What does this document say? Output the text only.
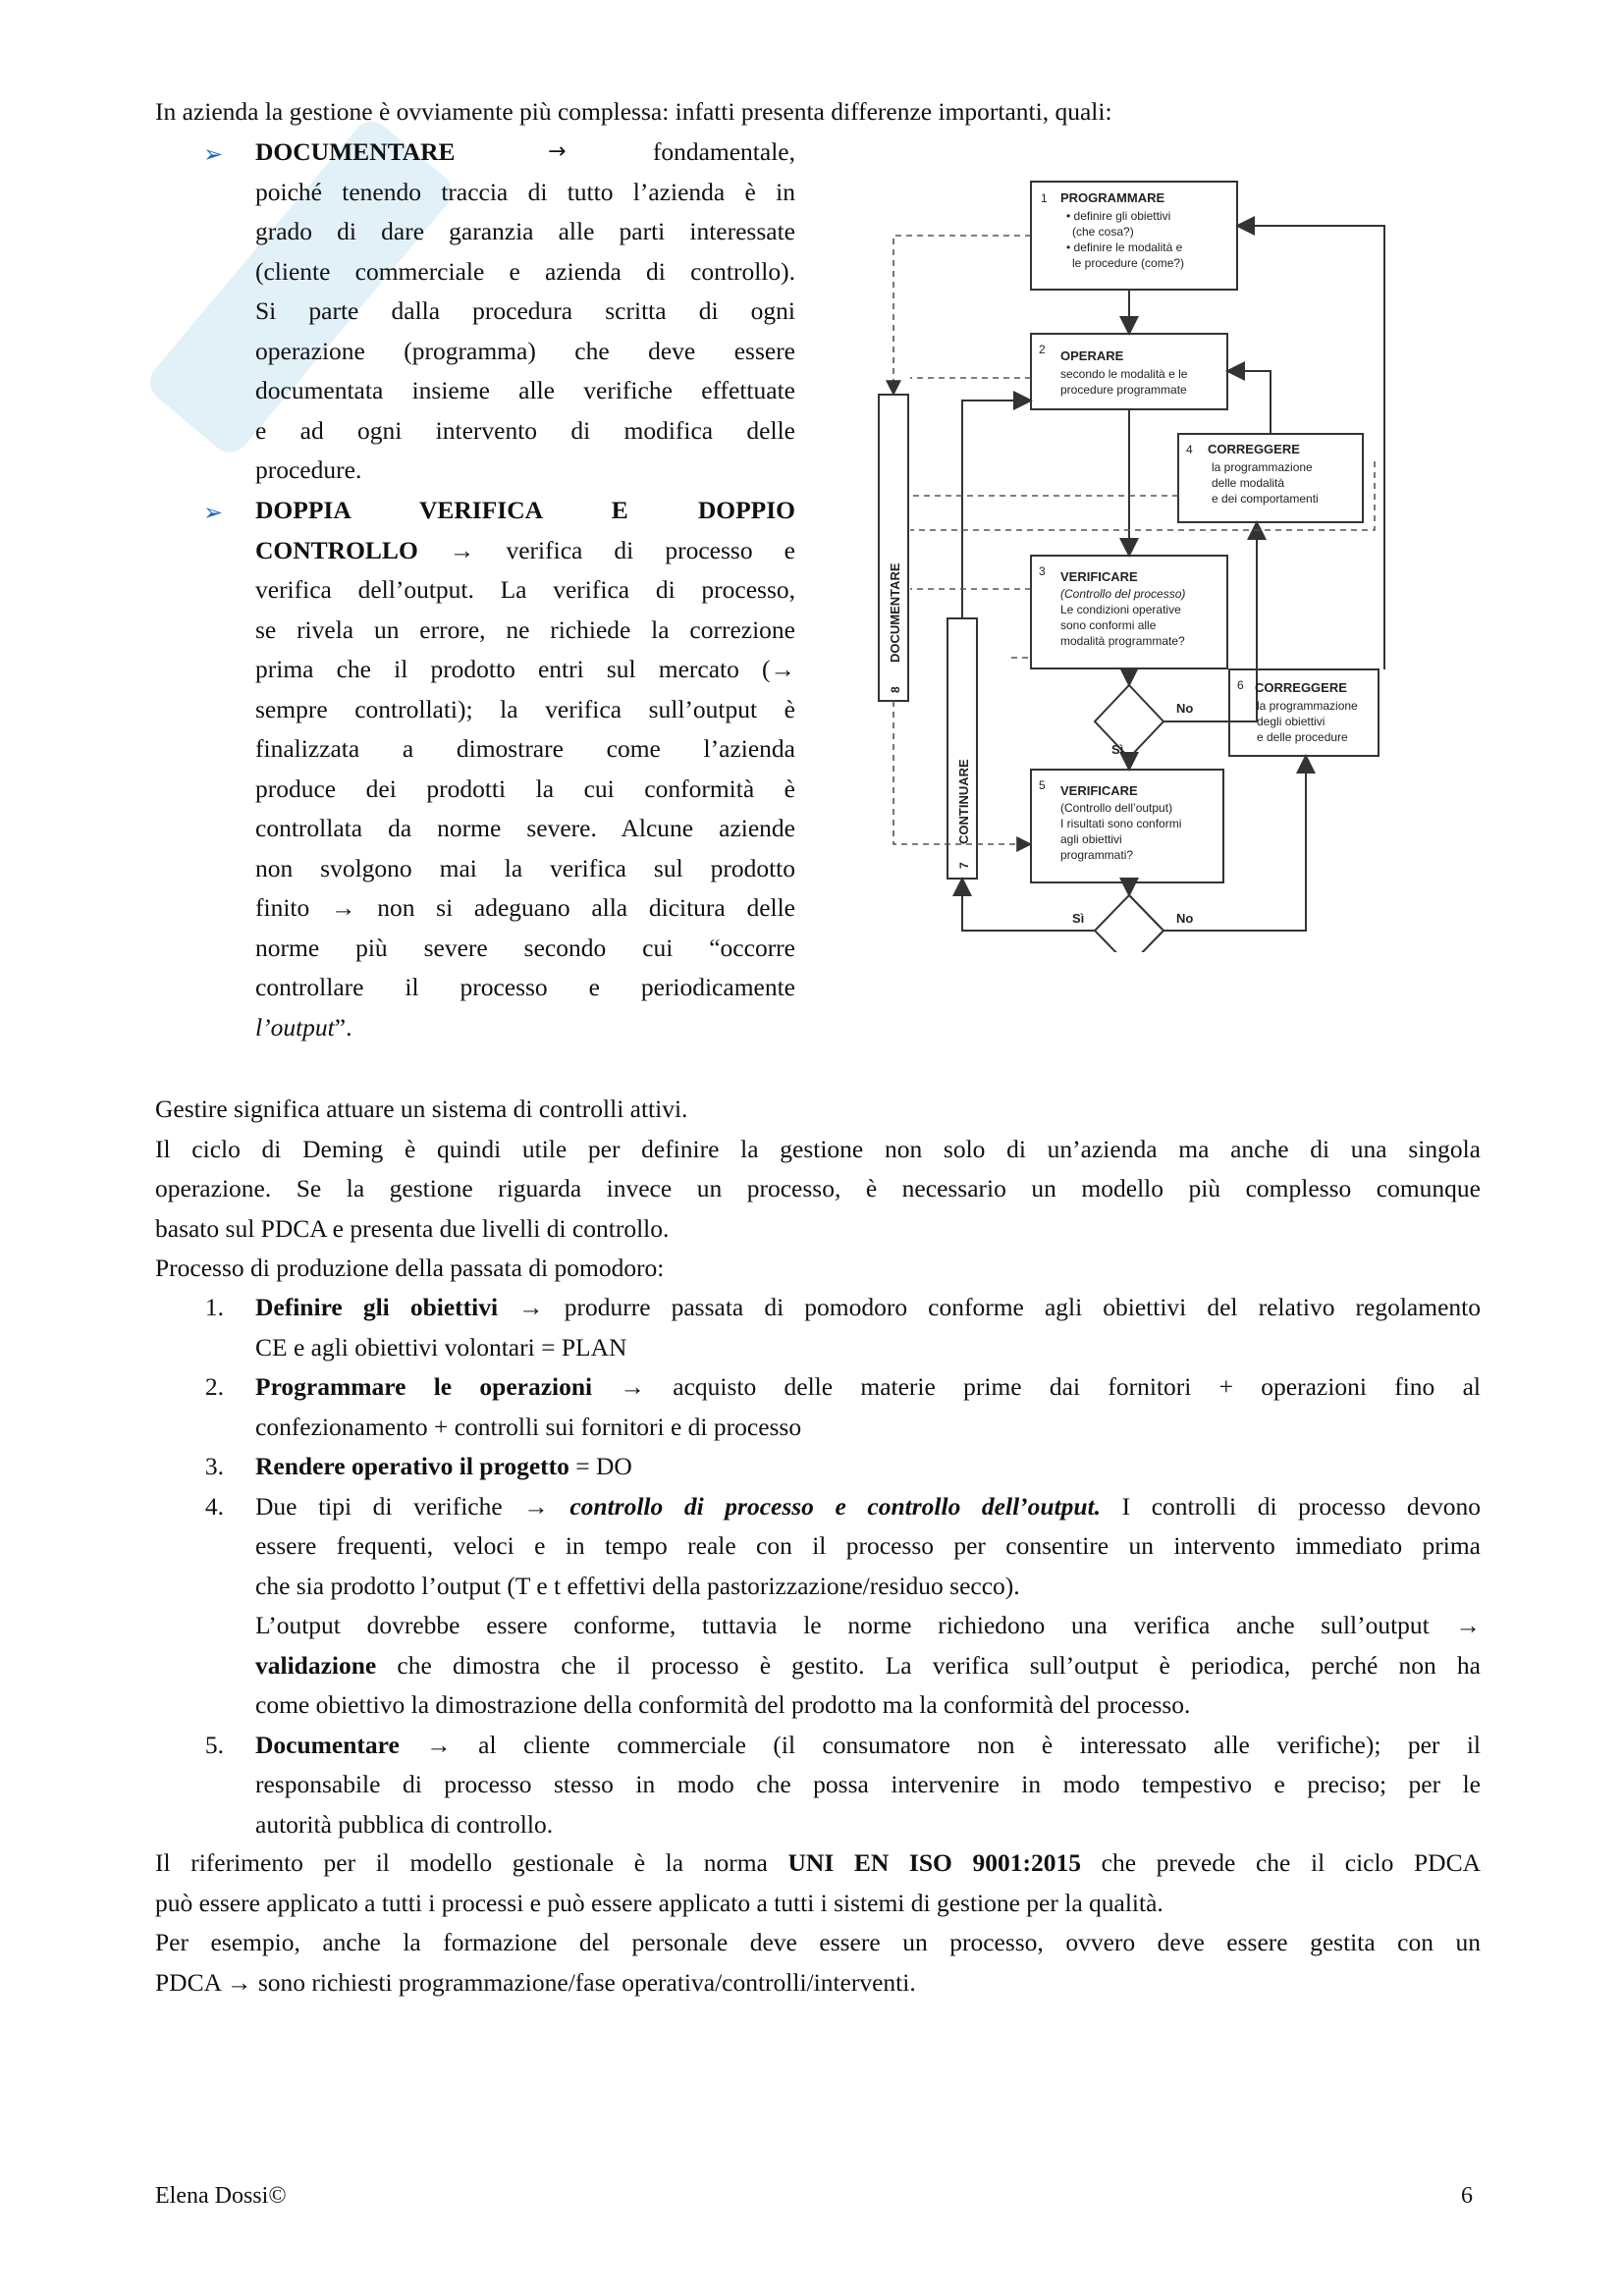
In azienda la gestione è ovviamente più complessa: infatti presenta differenze importanti, quali:
➢ DOCUMENTARE	→	fondamentale,
poiché tenendo traccia di tutto l’azienda è in
grado di dare garanzia alle parti interessate
(cliente commerciale e azienda di controllo).
Si parte dalla procedura scritta di ogni
operazione (programma) che deve essere
documentata insieme alle verifiche effettuate
e ad ogni intervento di modifica delle
procedure.
➢ DOPPIA VERIFICA E DOPPIO
CONTROLLO → verifica di processo e
verifica dell’output. La verifica di processo,
se rivela un errore, ne richiede la correzione
prima che il prodotto entri sul mercato (→
sempre controllati); la verifica sull’output è
finalizzata a dimostrare come l’azienda
produce dei prodotti la cui conformità è
controllata da norme severe. Alcune aziende
non svolgono mai la verifica sul prodotto
finito → non si adeguano alla dicitura delle
norme più severe secondo cui “occorre
controllare il processo e periodicamente
l’output”.
1 PROGRAMMARE
• definire gli obiettivi
(che cosa?)
• definire le modalità e
le procedure (come?)
2 OPERARE
secondo le modalità e le
procedure programmate
4 CORREGGERE
la programmazione
delle modalità
e dei comportamenti
3 VERIFICARE
(Controllo del processo)
Le condizioni operative
sono conformi alle
modalità programmate?
6 CORREGGERE
la programmazione
degli obiettivi
e delle procedure
5 VERIFICARE
(Controllo dell’output)
I risultati sono conformi
agli obiettivi
programmati?
8
DOCUMENTARE
7
CONTINUARE
No
Sì
Sì	No
Gestire significa attuare un sistema di controlli attivi.
Il ciclo di Deming è quindi utile per definire la gestione non solo di un’azienda ma anche di una singola
operazione. Se la gestione riguarda invece un processo, è necessario un modello più complesso comunque
basato sul PDCA e presenta due livelli di controllo.
Processo di produzione della passata di pomodoro:
1. Definire gli obiettivi → produrre passata di pomodoro conforme agli obiettivi del relativo regolamento
CE e agli obiettivi volontari = PLAN
2. Programmare le operazioni → acquisto delle materie prime dai fornitori + operazioni fino al
confezionamento + controlli sui fornitori e di processo
3. Rendere operativo il progetto = DO
4. Due tipi di verifiche → controllo di processo e controllo dell’output. I controlli di processo devono
essere frequenti, veloci e in tempo reale con il processo per consentire un intervento immediato prima
che sia prodotto l’output (T e t effettivi della pastorizzazione/residuo secco).
L’output dovrebbe essere conforme, tuttavia le norme richiedono una verifica anche sull’output →
validazione che dimostra che il processo è gestito. La verifica sull’output è periodica, perché non ha
come obiettivo la dimostrazione della conformità del prodotto ma la conformità del processo.
5. Documentare → al cliente commerciale (il consumatore non è interessato alle verifiche); per il
responsabile di processo stesso in modo che possa intervenire in modo tempestivo e preciso; per le
autorità pubblica di controllo.
Il riferimento per il modello gestionale è la norma UNI EN ISO 9001:2015 che prevede che il ciclo PDCA
può essere applicato a tutti i processi e può essere applicato a tutti i sistemi di gestione per la qualità.
Per esempio, anche la formazione del personale deve essere un processo, ovvero deve essere gestita con un
PDCA → sono richiesti programmazione/fase operativa/controlli/interventi.
Elena Dossi©	6
